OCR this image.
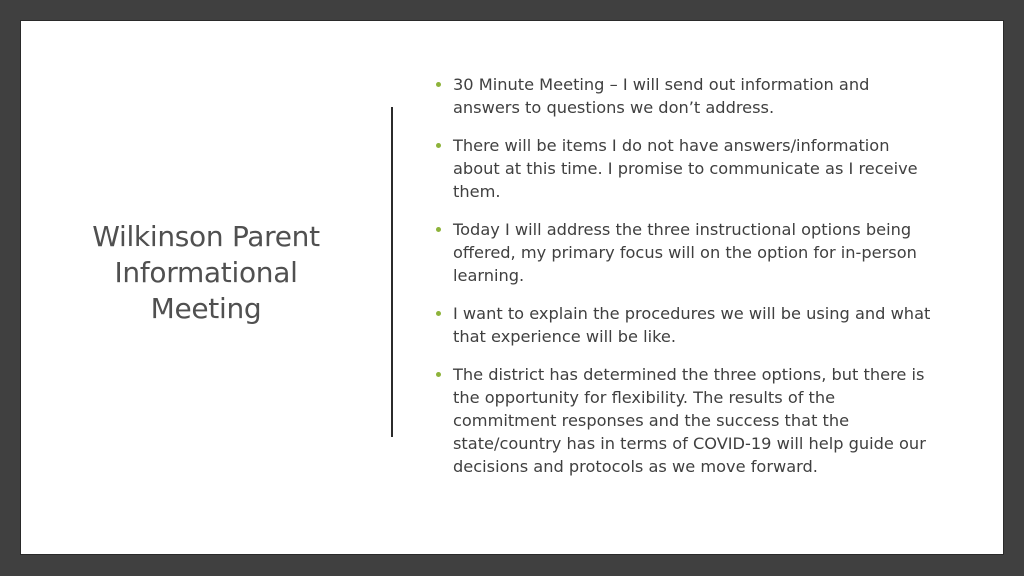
Wilkinson Parent Informational Meeting
30 Minute Meeting – I will send out information and answers to questions we don’t address.
There will be items I do not have answers/information about at this time. I promise to communicate as I receive them.
Today I will address the three instructional options being offered, my primary focus will on the option for in-person learning.
I want to explain the procedures we will be using and what that experience will be like.
The district has determined the three options, but there is the opportunity for flexibility. The results of the commitment responses and the success that the state/country has in terms of COVID-19 will help guide our decisions and protocols as we move forward.
